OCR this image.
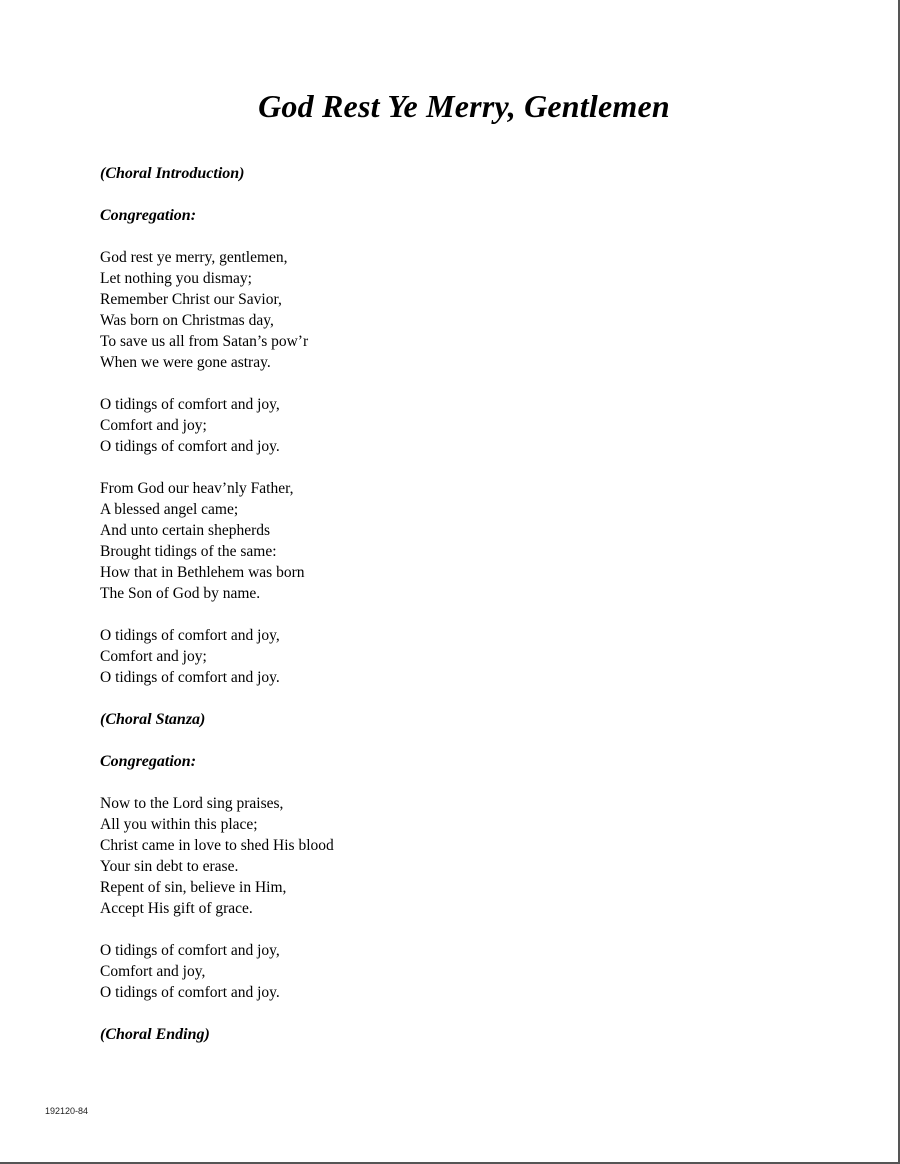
God Rest Ye Merry, Gentlemen

(Choral Introduction)

Congregation:

God rest ye merry, gentlemen,
Let nothing you dismay;
Remember Christ our Savior,
Was born on Christmas day,
To save us all from Satan’s pow’r
When we were gone astray.
O tidings of comfort and joy,
Comfort and joy;
O tidings of comfort and joy.
From God our heav’nly Father,
A blessed angel came;
And unto certain shepherds
Brought tidings of the same:
How that in Bethlehem was born
The Son of God by name.
O tidings of comfort and joy,
Comfort and joy;
O tidings of comfort and joy.

(Choral Stanza)

Congregation:

Now to the Lord sing praises,
All you within this place;
Christ came in love to shed His blood
Your sin debt to erase.
Repent of sin, believe in Him,
Accept His gift of grace.
O tidings of comfort and joy,
Comfort and joy,
O tidings of comfort and joy.

(Choral Ending)

192120-84
